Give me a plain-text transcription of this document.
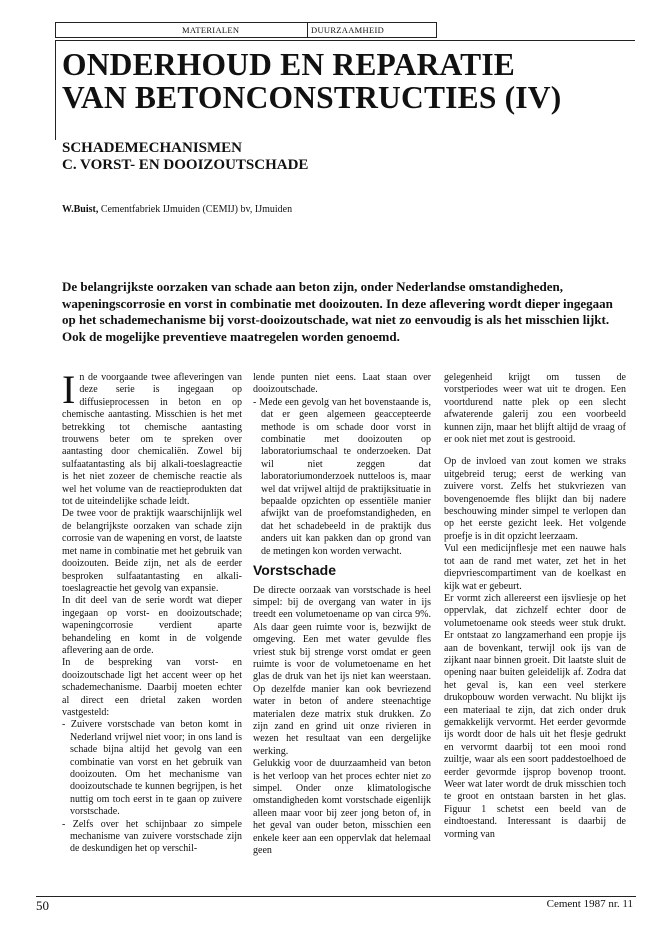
MATERIALEN	DUURZAAMHEID
ONDERHOUD EN REPARATIE
VAN BETONCONSTRUCTIES (IV)
SCHADEMECHANISMEN
C. VORST- EN DOOIZOUTSCHADE
W.Buist, Cementfabriek IJmuiden (CEMIJ) bv, IJmuiden

De belangrijkste oorzaken van schade aan beton zijn, onder Nederlandse omstandigheden, wapeningscorrosie en vorst in combinatie met dooizouten. In deze aflevering wordt dieper ingegaan op het schademechanisme bij vorst-dooizoutschade, wat niet zo eenvoudig is als het misschien lijkt. Ook de mogelijke preventieve maatregelen worden genoemd.

In de voorgaande twee afleveringen van deze serie is ingegaan op diffusieprocessen in beton en op chemische aantasting. Misschien is het met betrekking tot chemische aantasting trouwens beter om te spreken over aantasting door chemicaliën. Zowel bij sulfaatantasting als bij alkali-toeslagreactie is het niet zozeer de chemische reactie als wel het volume van de reactieprodukten dat tot de uiteindelijke schade leidt.

De twee voor de praktijk waarschijnlijk wel de belangrijkste oorzaken van schade zijn corrosie van de wapening en vorst, de laatste met name in combinatie met het gebruik van dooizouten. Beide zijn, net als de eerder besproken sulfaatantasting en alkali-toeslagreactie het gevolg van expansie.

In dit deel van de serie wordt wat dieper ingegaan op vorst- en dooizoutschade; wapeningcorrosie verdient aparte behandeling en komt in de volgende aflevering aan de orde.

In de bespreking van vorst- en dooizoutschade ligt het accent weer op het schademechanisme. Daarbij moeten echter al direct een drietal zaken worden vastgesteld:

- Zuivere vorstschade van beton komt in Nederland vrijwel niet voor; in ons land is schade bijna altijd het gevolg van een combinatie van vorst en het gebruik van dooizouten. Om het mechanisme van dooizoutschade te kunnen begrijpen, is het nuttig om toch eerst in te gaan op zuivere vorstschade.

- Zelfs over het schijnbaar zo simpele mechanisme van zuivere vorstschade zijn de deskundigen het op verschil-

lende punten niet eens. Laat staan over dooizoutschade.

- Mede een gevolg van het bovenstaande is, dat er geen algemeen geaccepteerde methode is om schade door vorst in combinatie met dooizouten op laboratoriumschaal te onderzoeken. Dat wil niet zeggen dat laboratoriumonderzoek nutteloos is, maar wel dat vrijwel altijd de praktijksituatie in bepaalde opzichten op essentiële manier afwijkt van de proefomstandigheden, en dat het schadebeeld in de praktijk dus anders uit kan pakken dan op grond van de metingen kon worden verwacht.

Vorstschade

De directe oorzaak van vorstschade is heel simpel: bij de overgang van water in ijs treedt een volumetoename op van circa 9%. Als daar geen ruimte voor is, bezwijkt de omgeving. Een met water gevulde fles vriest stuk bij strenge vorst omdat er geen ruimte is voor de volumetoename en het glas de druk van het ijs niet kan weerstaan. Op dezelfde manier kan ook bevriezend water in beton of andere steenachtige materialen deze matrix stuk drukken. Zo zijn zand en grind uit onze rivieren in wezen het resultaat van een dergelijke werking.

Gelukkig voor de duurzaamheid van beton is het verloop van het proces echter niet zo simpel. Onder onze klimatologische omstandigheden komt vorstschade eigenlijk alleen maar voor bij zeer jong beton of, in het geval van ouder beton, misschien een enkele keer aan een oppervlak dat helemaal geen

gelegenheid krijgt om tussen de vorstperiodes weer wat uit te drogen. Een voortdurend natte plek op een slecht afwaterende galerij zou een voorbeeld kunnen zijn, maar het blijft altijd de vraag of er ook niet met zout is gestrooid.

Op de invloed van zout komen we straks uitgebreid terug; eerst de werking van zuivere vorst. Zelfs het stukvriezen van bovengenoemde fles blijkt dan bij nadere beschouwing minder simpel te verlopen dan op het eerste gezicht leek. Het volgende proefje is in dit opzicht leerzaam.

Vul een medicijnflesje met een nauwe hals tot aan de rand met water, zet het in het diepvriescompartiment van de koelkast en kijk wat er gebeurt.

Er vormt zich allereerst een ijsvliesje op het oppervlak, dat zichzelf echter door de volumetoename ook steeds weer stuk drukt. Er ontstaat zo langzamerhand een propje ijs aan de bovenkant, terwijl ook ijs van de zijkant naar binnen groeit. Dit laatste sluit de opening naar buiten geleidelijk af. Zodra dat het geval is, kan een veel sterkere drukopbouw worden verwacht. Nu blijkt ijs een materiaal te zijn, dat zich onder druk gemakkelijk vervormt. Het eerder gevormde ijs wordt door de hals uit het flesje gedrukt en vervormt daarbij tot een mooi rond zuiltje, waar als een soort paddestoelhoed de eerder gevormde ijsprop bovenop troont. Weer wat later wordt de druk misschien toch te groot en ontstaan barsten in het glas. Figuur 1 schetst een beeld van de eindtoestand. Interessant is daarbij de vorming van

50	Cement 1987 nr. 11
